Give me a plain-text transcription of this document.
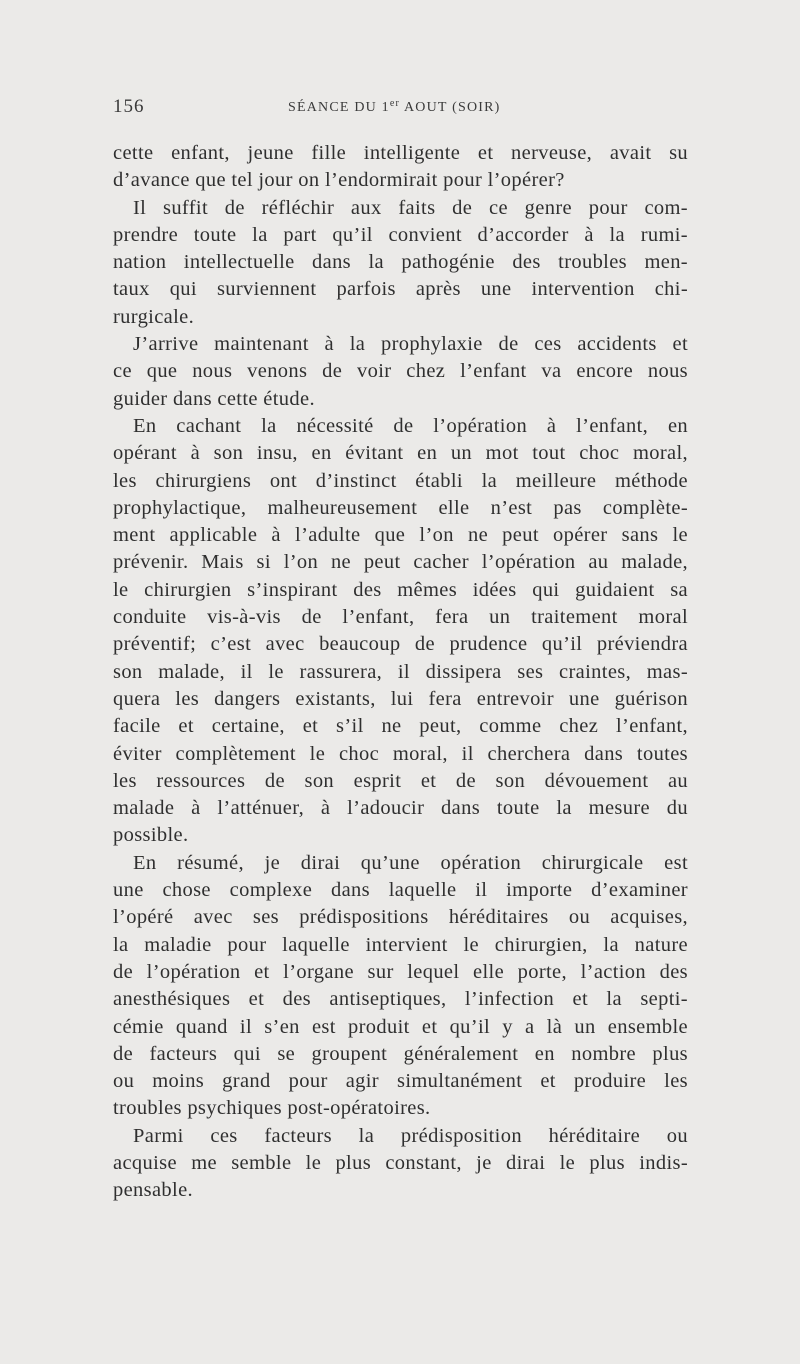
156	SÉANCE DU 1er AOUT (SOIR)
cette enfant, jeune fille intelligente et nerveuse, avait su
d’avance que tel jour on l’endormirait pour l’opérer?
Il suffit de réfléchir aux faits de ce genre pour com-
prendre toute la part qu’il convient d’accorder à la rumi-
nation intellectuelle dans la pathogénie des troubles men-
taux qui surviennent parfois après une intervention chi-
rurgicale.
J’arrive maintenant à la prophylaxie de ces accidents et
ce que nous venons de voir chez l’enfant va encore nous
guider dans cette étude.
En cachant la nécessité de l’opération à l’enfant, en
opérant à son insu, en évitant en un mot tout choc moral,
les chirurgiens ont d’instinct établi la meilleure méthode
prophylactique, malheureusement elle n’est pas complète-
ment applicable à l’adulte que l’on ne peut opérer sans le
prévenir. Mais si l’on ne peut cacher l’opération au malade,
le chirurgien s’inspirant des mêmes idées qui guidaient sa
conduite vis-à-vis de l’enfant, fera un traitement moral
préventif; c’est avec beaucoup de prudence qu’il préviendra
son malade, il le rassurera, il dissipera ses craintes, mas-
quera les dangers existants, lui fera entrevoir une guérison
facile et certaine, et s’il ne peut, comme chez l’enfant,
éviter complètement le choc moral, il cherchera dans toutes
les ressources de son esprit et de son dévouement au
malade à l’atténuer, à l’adoucir dans toute la mesure du
possible.
En résumé, je dirai qu’une opération chirurgicale est
une chose complexe dans laquelle il importe d’examiner
l’opéré avec ses prédispositions héréditaires ou acquises,
la maladie pour laquelle intervient le chirurgien, la nature
de l’opération et l’organe sur lequel elle porte, l’action des
anesthésiques et des antiseptiques, l’infection et la septi-
cémie quand il s’en est produit et qu’il y a là un ensemble
de facteurs qui se groupent généralement en nombre plus
ou moins grand pour agir simultanément et produire les
troubles psychiques post-opératoires.
Parmi ces facteurs la prédisposition héréditaire ou
acquise me semble le plus constant, je dirai le plus indis-
pensable.
